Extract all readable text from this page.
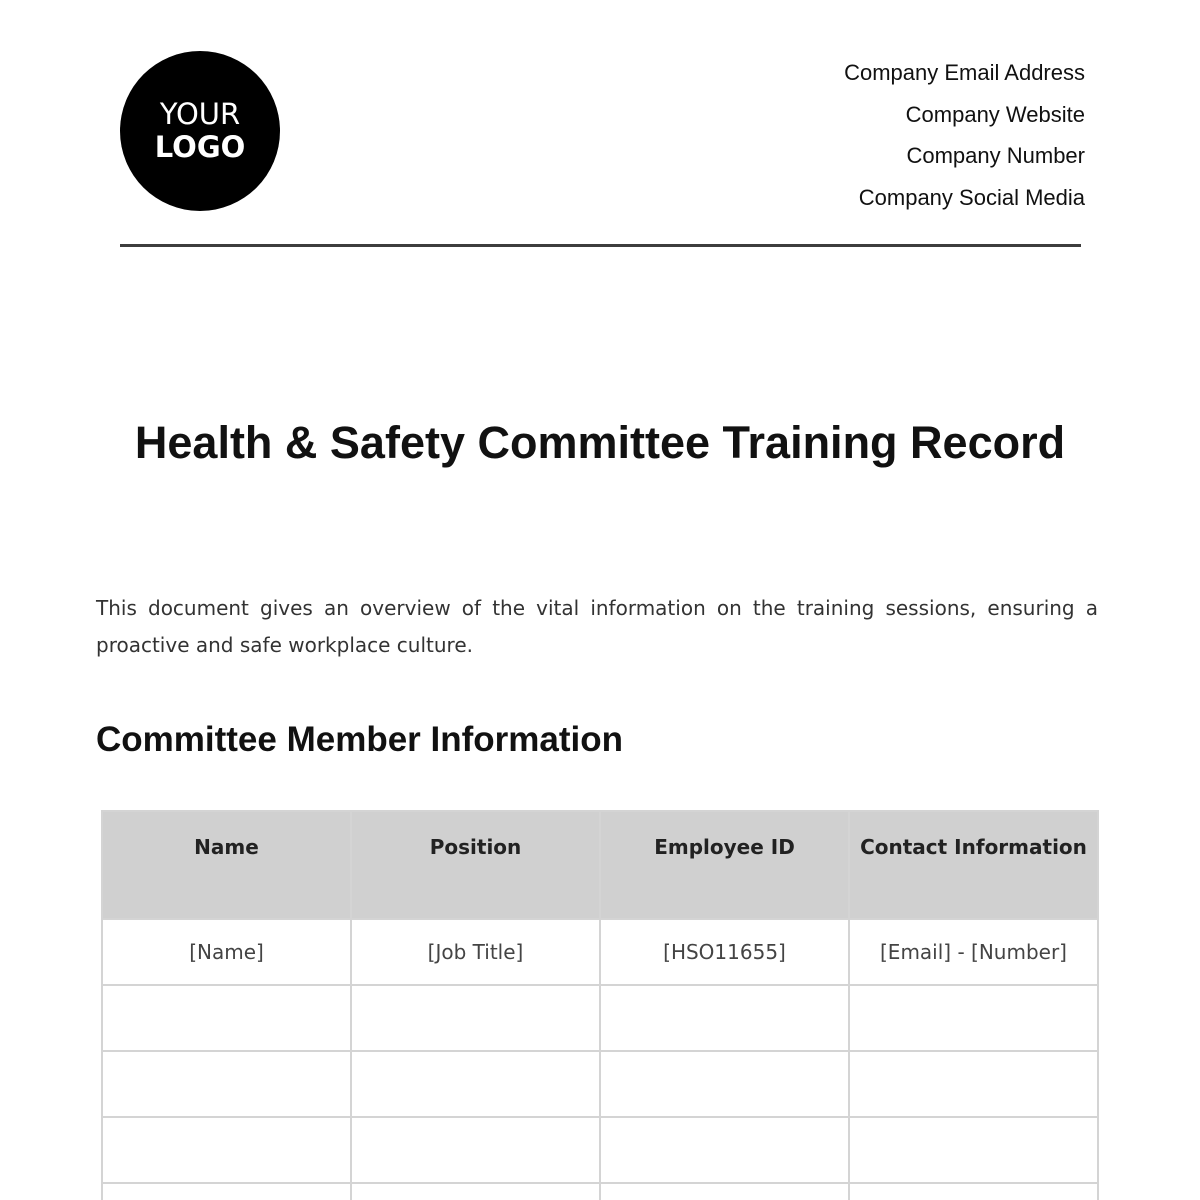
YOUR
LOGO
Company Email Address
Company Website
Company Number
Company Social Media
Health & Safety Committee Training Record
This document gives an overview of the vital information on the training sessions, ensuring a proactive and safe workplace culture.
Committee Member Information
Name	Position	Employee ID	Contact Information
[Name]	[Job Title]	[HSO11655]	[Email] - [Number]
